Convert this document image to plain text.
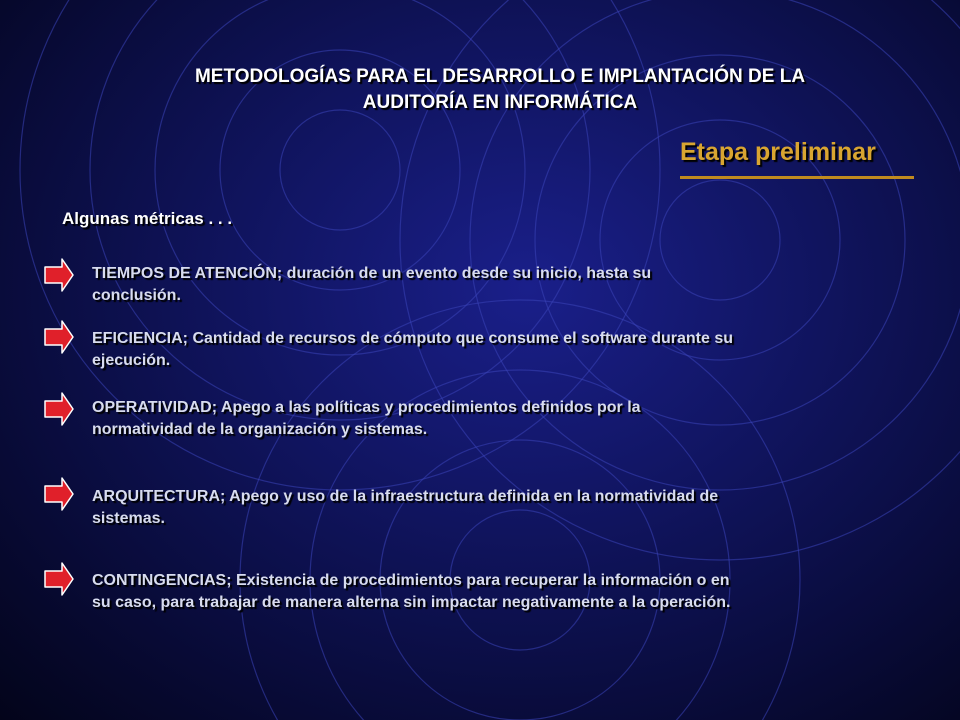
METODOLOGÍAS PARA EL DESARROLLO E IMPLANTACIÓN DE LA
AUDITORÍA EN INFORMÁTICA
Etapa preliminar
Algunas métricas . . .
TIEMPOS DE ATENCIÓN; duración de un evento desde su inicio, hasta su
conclusión.
EFICIENCIA; Cantidad de recursos de cómputo que consume el software durante su
ejecución.
OPERATIVIDAD; Apego a las políticas y procedimientos definidos por la
normatividad de la organización y sistemas.
ARQUITECTURA; Apego y uso de la infraestructura definida en la normatividad de
sistemas.
CONTINGENCIAS; Existencia de procedimientos para recuperar la información o en
su caso, para trabajar de manera alterna sin impactar negativamente a la operación.
